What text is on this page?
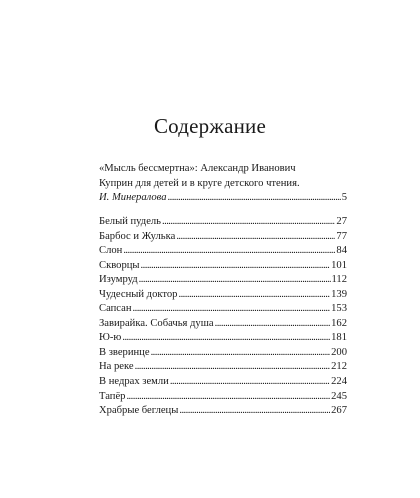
Содержание
«Мысль бессмертна»: Александр Иванович
Куприн для детей и в круге детского чтения.
И. Минералова . . .	5
Белый пудель . . .	27
Барбос и Жулька . . .	77
Слон . . .	84
Скворцы . . .	101
Изумруд . . .	112
Чудесный доктор . . .	139
Сапсан . . .	153
Завирайка. Собачья душа . . .	162
Ю-ю . . .	181
В зверинце . . .	200
На реке . . .	212
В недрах земли . . .	224
Тапёр . . .	245
Храбрые беглецы . . .	267
